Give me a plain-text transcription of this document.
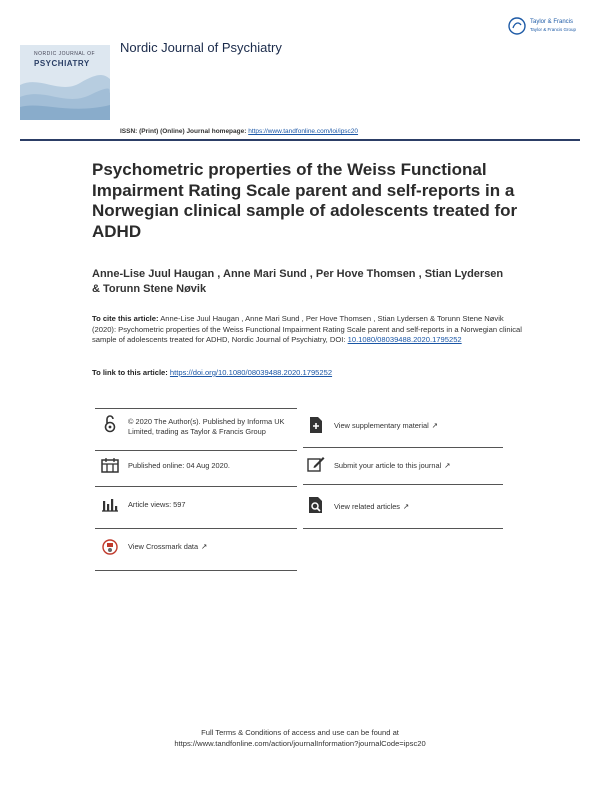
NORDIC JOURNAL OF
PSYCHIATRY
Nordic Journal of Psychiatry
Taylor & Francis
Taylor & Francis Group
ISSN: (Print) (Online) Journal homepage: https://www.tandfonline.com/loi/ipsc20
Psychometric properties of the Weiss Functional Impairment Rating Scale parent and self-reports in a Norwegian clinical sample of adolescents treated for ADHD
Anne-Lise Juul Haugan , Anne Mari Sund , Per Hove Thomsen , Stian Lydersen & Torunn Stene Nøvik
To cite this article: Anne-Lise Juul Haugan , Anne Mari Sund , Per Hove Thomsen , Stian Lydersen & Torunn Stene Nøvik (2020): Psychometric properties of the Weiss Functional Impairment Rating Scale parent and self-reports in a Norwegian clinical sample of adolescents treated for ADHD, Nordic Journal of Psychiatry, DOI: 10.1080/08039488.2020.1795252
To link to this article: https://doi.org/10.1080/08039488.2020.1795252
© 2020 The Author(s). Published by Informa UK Limited, trading as Taylor & Francis Group
Published online: 04 Aug 2020.
Article views: 597
View Crossmark data ↗
View supplementary material ↗
Submit your article to this journal ↗
View related articles ↗
Full Terms & Conditions of access and use can be found at
https://www.tandfonline.com/action/journalInformation?journalCode=ipsc20
